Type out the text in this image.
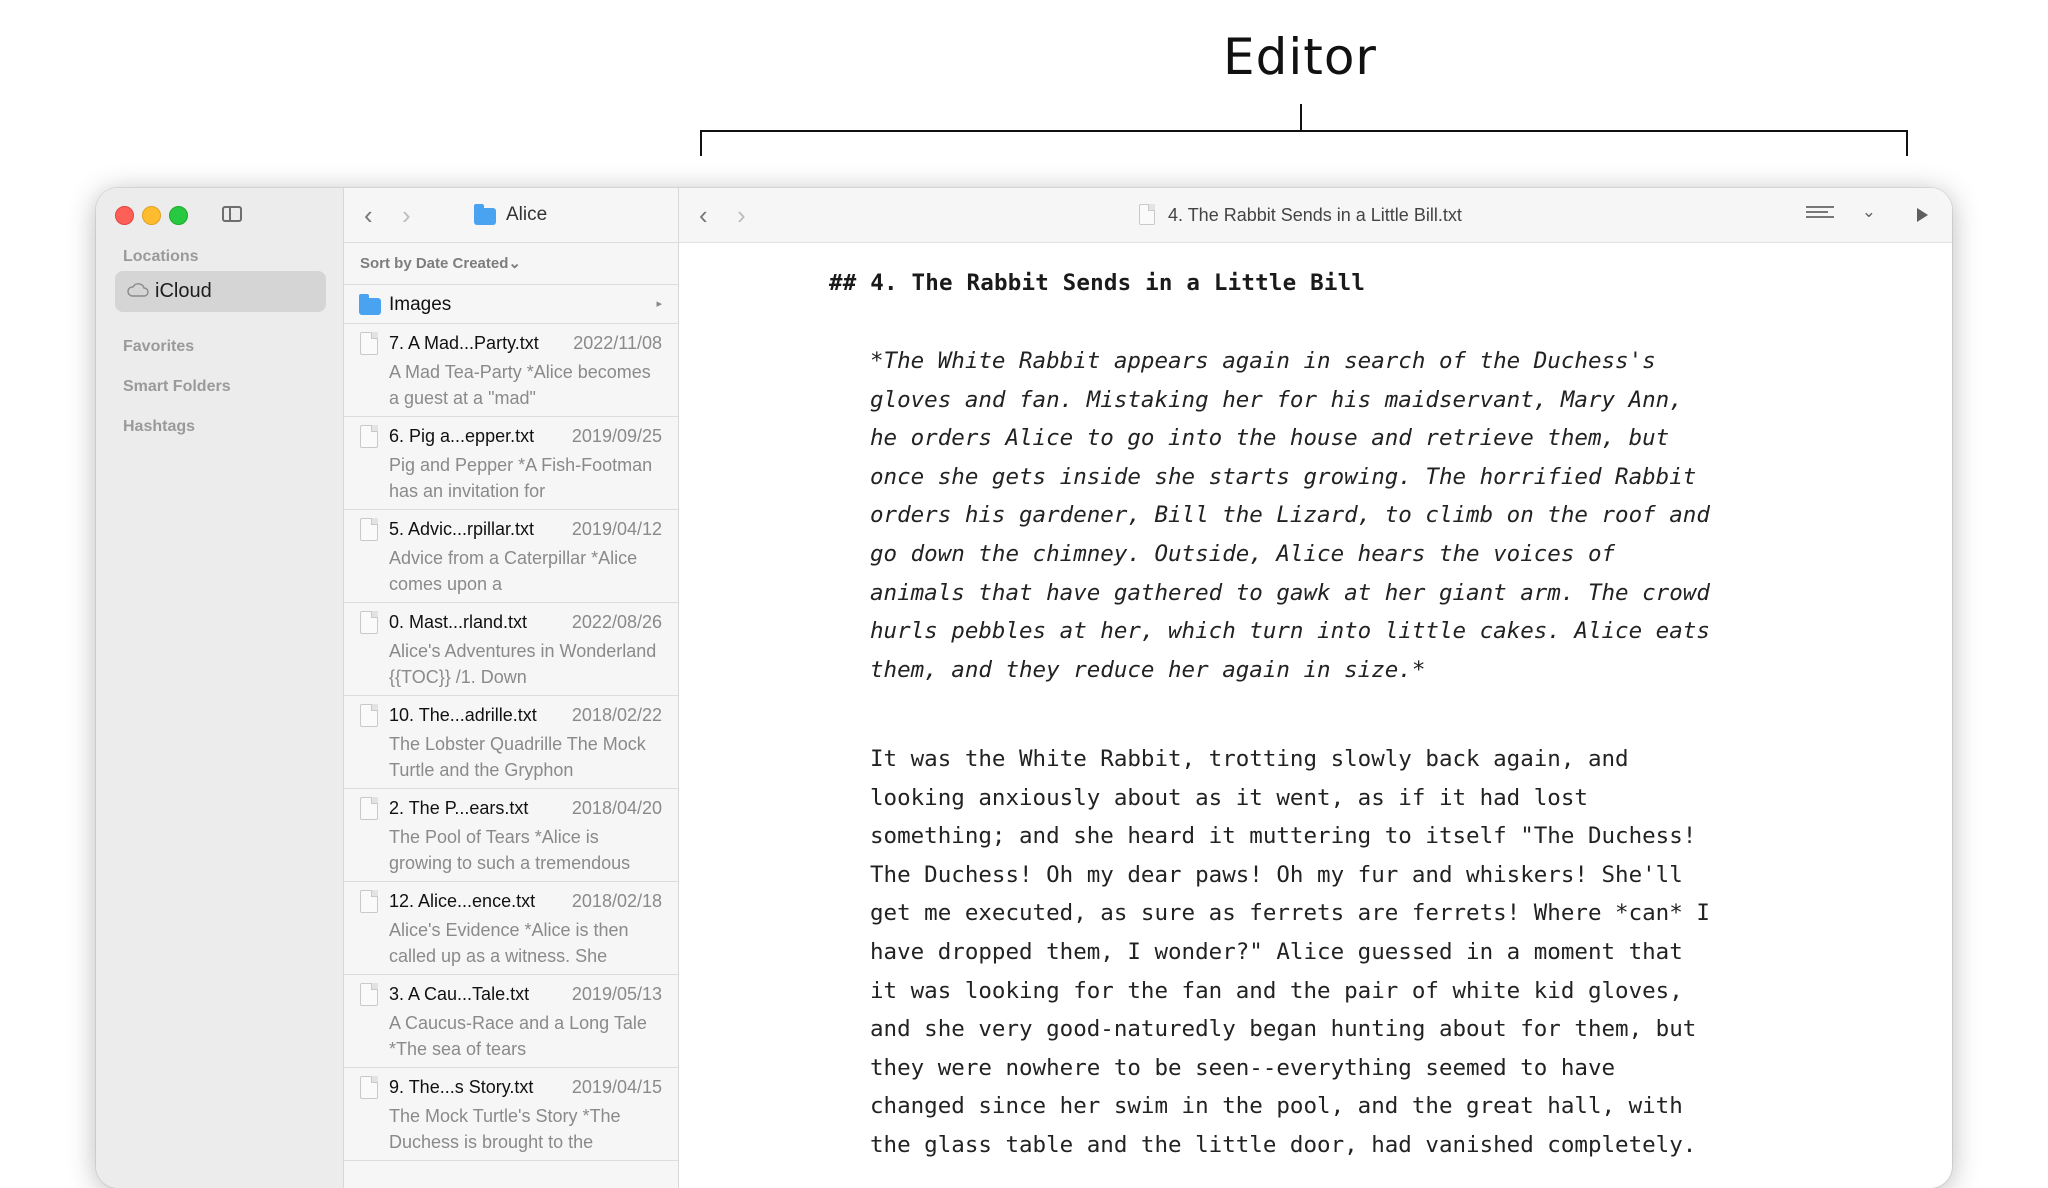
Editor
Locations
iCloud
Favorites
Smart Folders
Hashtags
‹ ›	Alice
Sort by Date Created⌄
Images	▸
7. A Mad...Party.txt 2022/11/08
A Mad Tea-Party *Alice becomes a guest at a "mad"
6. Pig a...epper.txt 2019/09/25
Pig and Pepper *A Fish-Footman has an invitation for
5. Advic...rpillar.txt 2019/04/12
Advice from a Caterpillar *Alice comes upon a
0. Mast...rland.txt 2022/08/26
Alice's Adventures in Wonderland {{TOC}} /1. Down
10. The...adrille.txt 2018/02/22
The Lobster Quadrille The Mock Turtle and the Gryphon
2. The P...ears.txt 2018/04/20
The Pool of Tears *Alice is growing to such a tremendous
12. Alice...ence.txt 2018/02/18
Alice's Evidence *Alice is then called up as a witness. She
3. A Cau...Tale.txt 2019/05/13
A Caucus-Race and a Long Tale *The sea of tears
9. The...s Story.txt 2019/04/15
The Mock Turtle's Story *The Duchess is brought to the
‹ ›	4. The Rabbit Sends in a Little Bill.txt	⌄
## 4. The Rabbit Sends in a Little Bill
*The White Rabbit appears again in search of the Duchess's
gloves and fan. Mistaking her for his maidservant, Mary Ann,
he orders Alice to go into the house and retrieve them, but
once she gets inside she starts growing. The horrified Rabbit
orders his gardener, Bill the Lizard, to climb on the roof and
go down the chimney. Outside, Alice hears the voices of
animals that have gathered to gawk at her giant arm. The crowd
hurls pebbles at her, which turn into little cakes. Alice eats
them, and they reduce her again in size.*
It was the White Rabbit, trotting slowly back again, and
looking anxiously about as it went, as if it had lost
something; and she heard it muttering to itself "The Duchess!
The Duchess! Oh my dear paws! Oh my fur and whiskers! She'll
get me executed, as sure as ferrets are ferrets! Where *can* I
have dropped them, I wonder?" Alice guessed in a moment that
it was looking for the fan and the pair of white kid gloves,
and she very good-naturedly began hunting about for them, but
they were nowhere to be seen--everything seemed to have
changed since her swim in the pool, and the great hall, with
the glass table and the little door, had vanished completely.
